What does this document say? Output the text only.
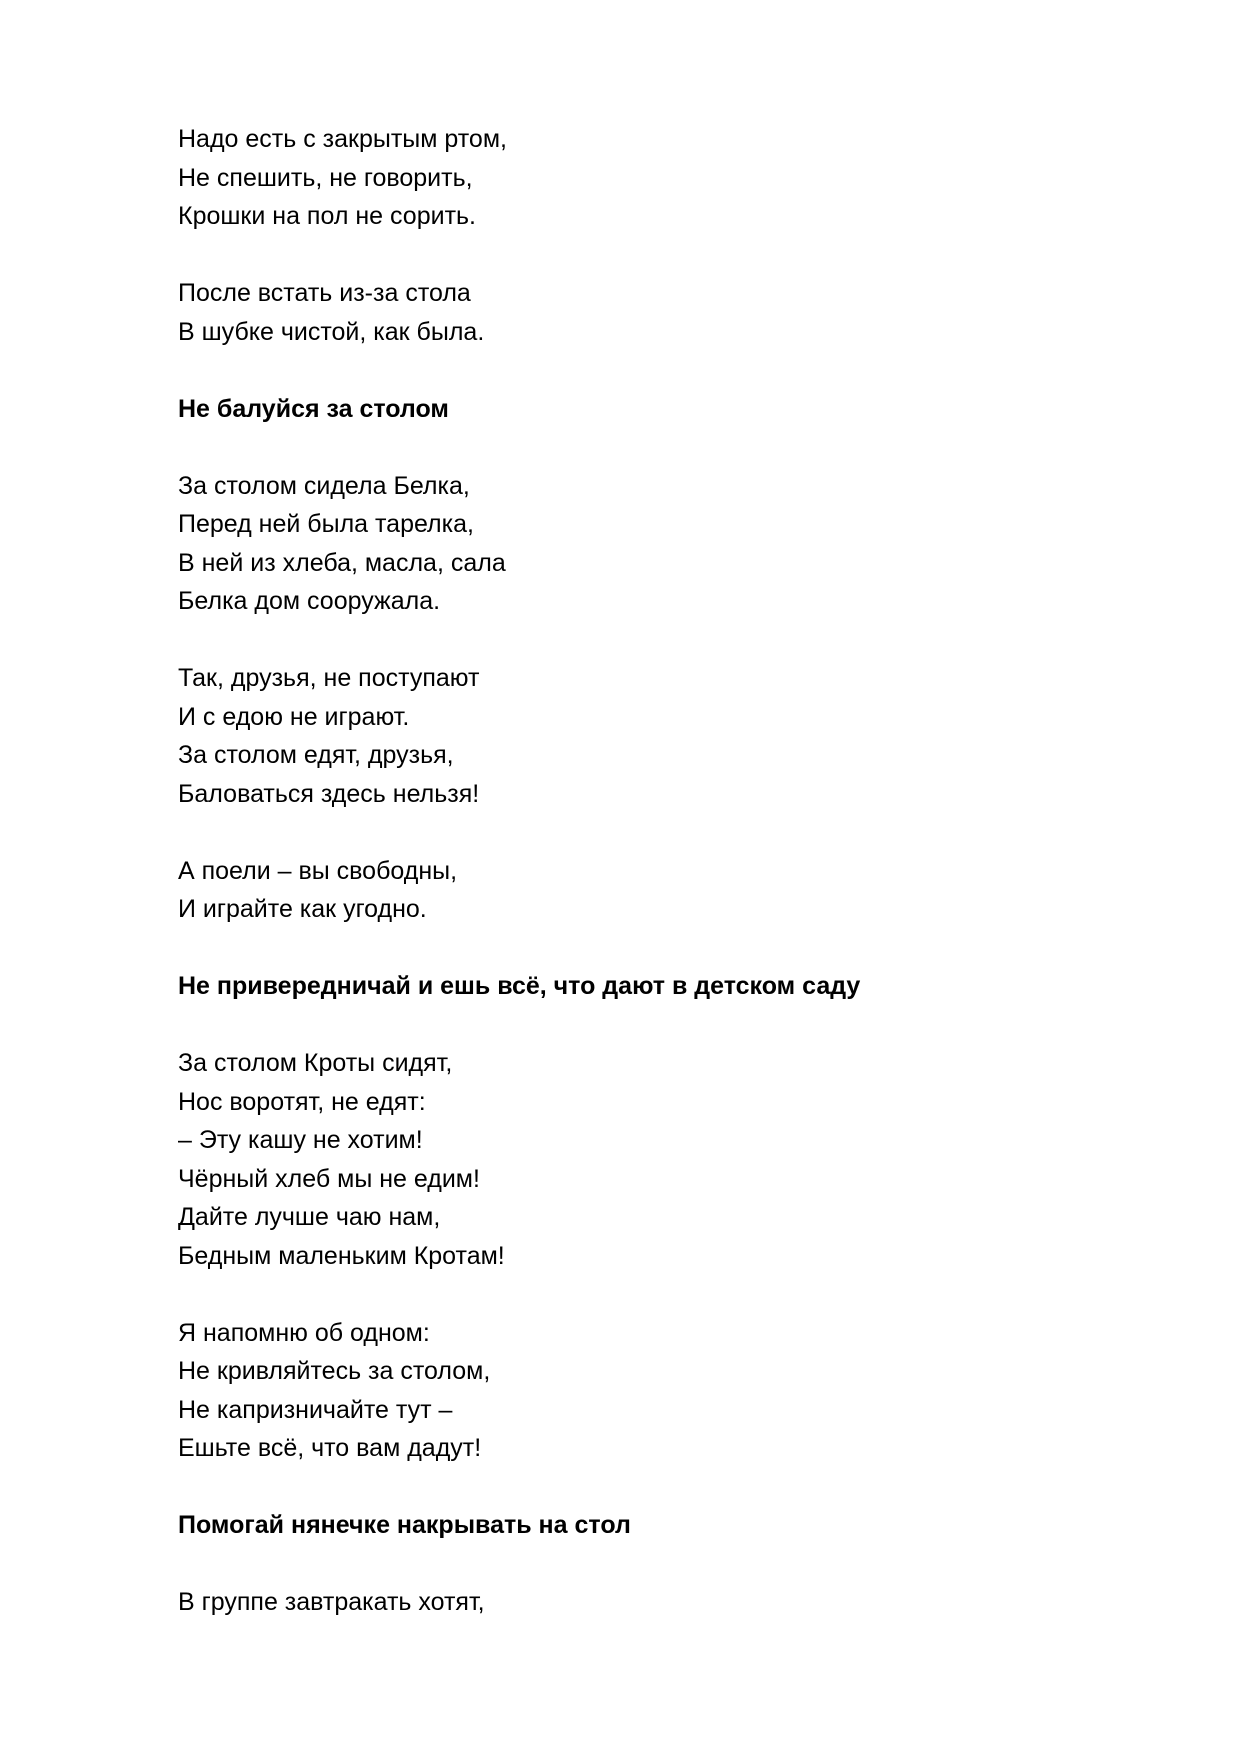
Надо есть с закрытым ртом,
Не спешить, не говорить,
Крошки на пол не сорить.
После встать из-за стола
В шубке чистой, как была.
Не балуйся за столом
За столом сидела Белка,
Перед ней была тарелка,
В ней из хлеба, масла, сала
Белка дом сооружала.
Так, друзья, не поступают
И с едою не играют.
За столом едят, друзья,
Баловаться здесь нельзя!
А поели – вы свободны,
И играйте как угодно.
Не привередничай и ешь всё, что дают в детском саду
За столом Кроты сидят,
Нос воротят, не едят:
– Эту кашу не хотим!
Чёрный хлеб мы не едим!
Дайте лучше чаю нам,
Бедным маленьким Кротам!
Я напомню об одном:
Не кривляйтесь за столом,
Не капризничайте тут –
Ешьте всё, что вам дадут!
Помогай нянечке накрывать на стол
В группе завтракать хотят,
